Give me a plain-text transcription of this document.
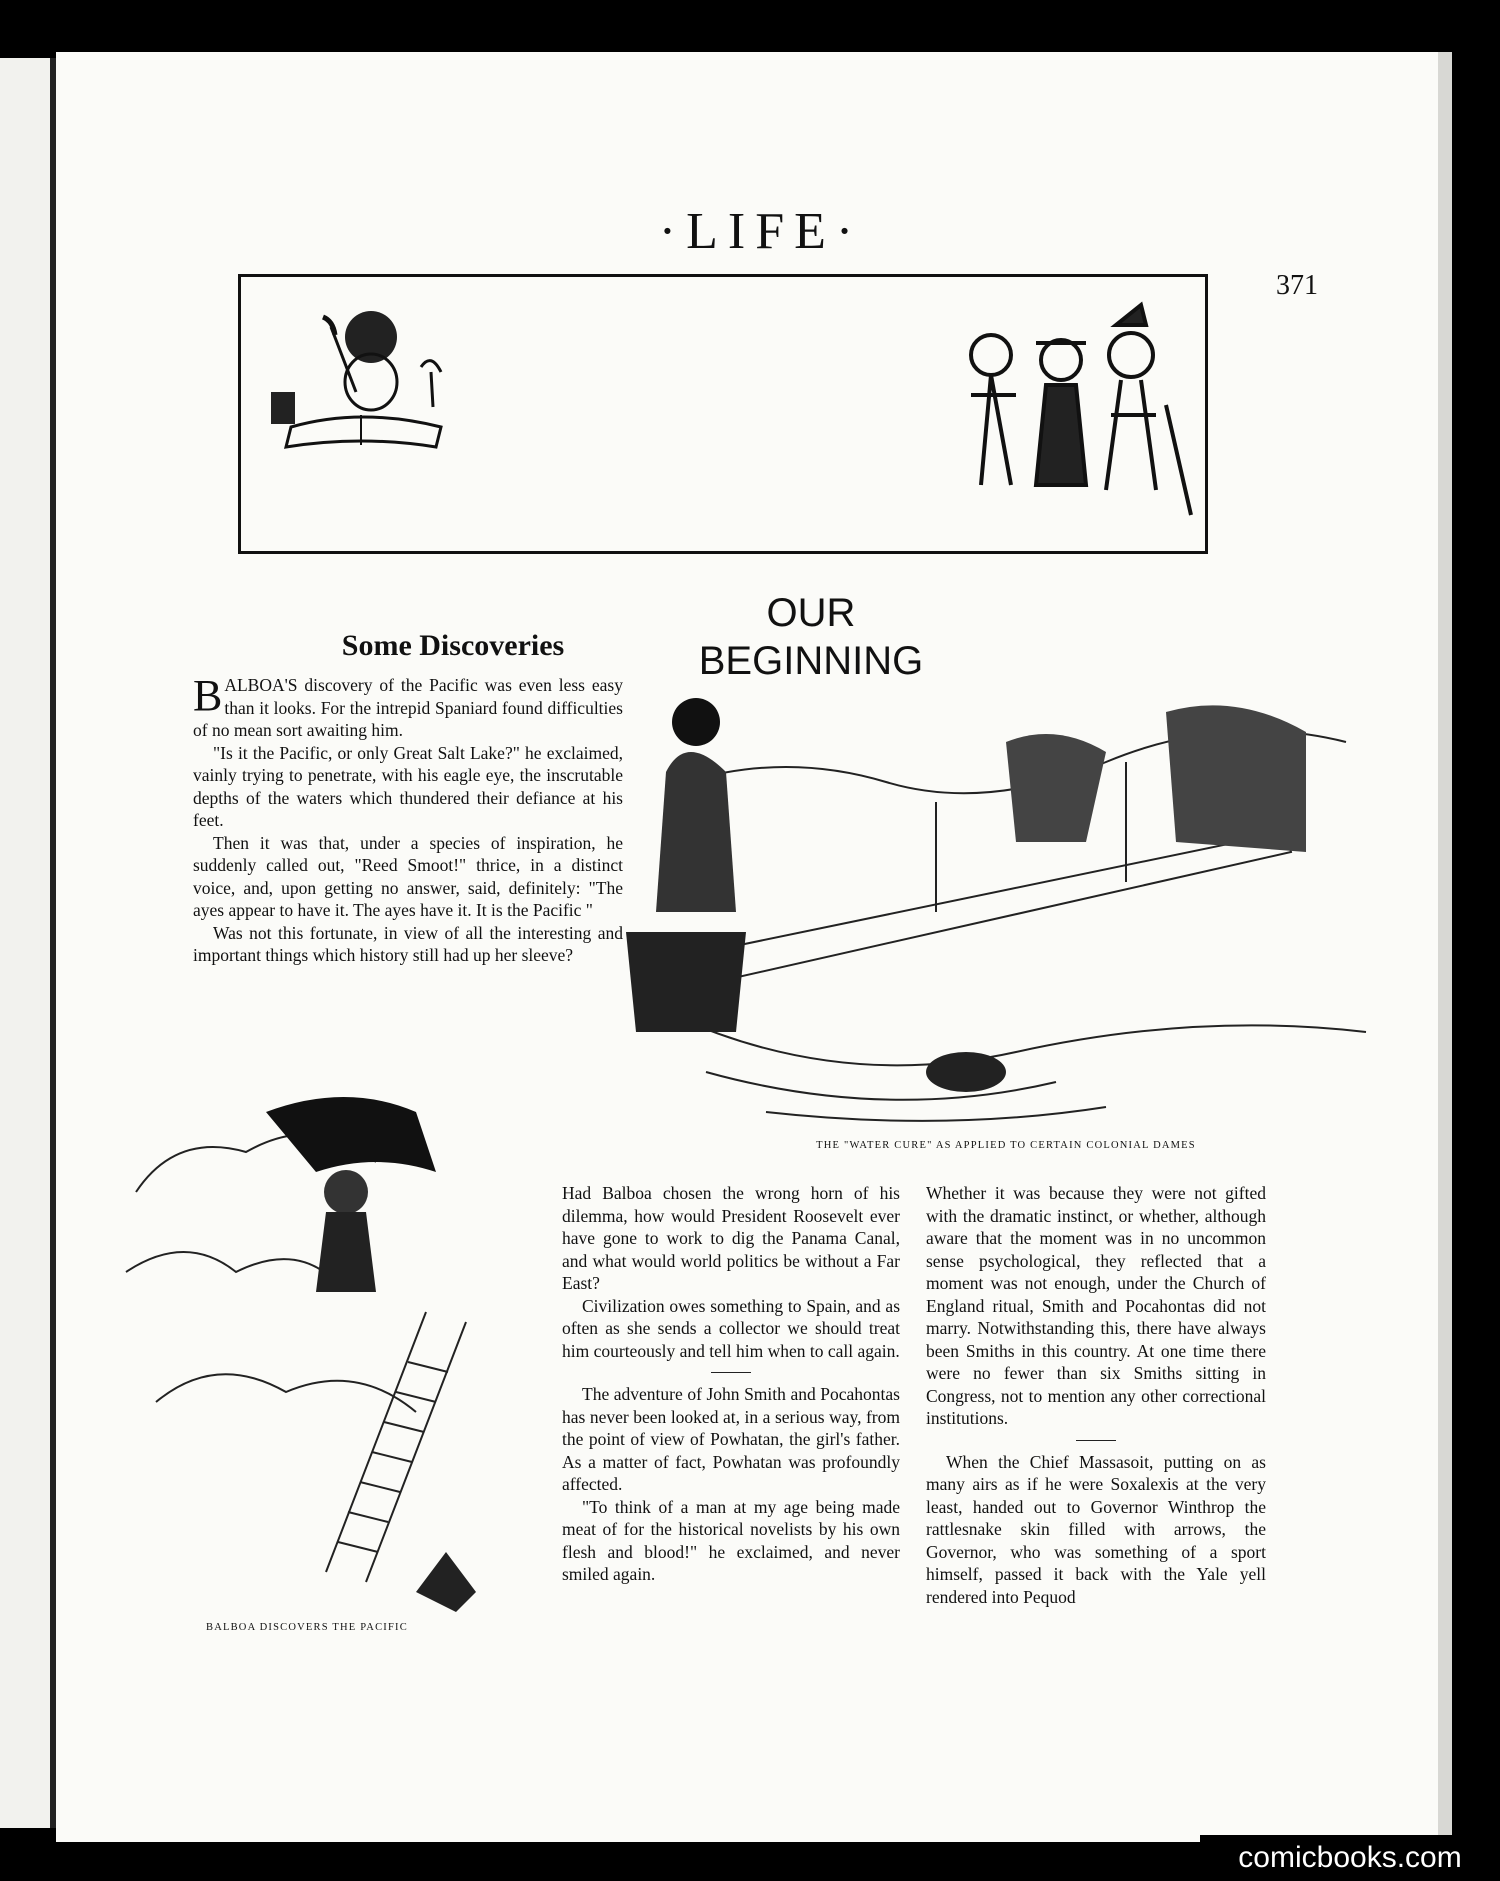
·LIFE·
371
OUR
BEGINNING
Some Discoveries

BALBOA'S discovery of the Pacific was even less easy than it looks. For the intrepid Spaniard found difficulties of no mean sort awaiting him.

"Is it the Pacific, or only Great Salt Lake?" he exclaimed, vainly trying to penetrate, with his eagle eye, the inscrutable depths of the waters which thundered their defiance at his feet.

Then it was that, under a species of inspiration, he suddenly called out, "Reed Smoot!" thrice, in a distinct voice, and, upon getting no answer, said, definitely: "The ayes appear to have it. The ayes have it. It is the Pacific "

Was not this fortunate, in view of all the interesting and important things which history still had up her sleeve?

THE "WATER CURE" AS APPLIED TO CERTAIN COLONIAL DAMES
BALBOA DISCOVERS THE PACIFIC

Had Balboa chosen the wrong horn of his dilemma, how would President Roosevelt ever have gone to work to dig the Panama Canal, and what would world politics be without a Far East?

Civilization owes something to Spain, and as often as she sends a collector we should treat him courteously and tell him when to call again.

The adventure of John Smith and Pocahontas has never been looked at, in a serious way, from the point of view of Powhatan, the girl's father. As a matter of fact, Powhatan was profoundly affected.

"To think of a man at my age being made meat of for the historical novelists by his own flesh and blood!" he exclaimed, and never smiled again.

Whether it was because they were not gifted with the dramatic instinct, or whether, although aware that the moment was in no uncommon sense psychological, they reflected that a moment was not enough, under the Church of England ritual, Smith and Pocahontas did not marry. Notwithstanding this, there have always been Smiths in this country. At one time there were no fewer than six Smiths sitting in Congress, not to mention any other correctional institutions.

When the Chief Massasoit, putting on as many airs as if he were Soxalexis at the very least, handed out to Governor Winthrop the rattlesnake skin filled with arrows, the Governor, who was something of a sport himself, passed it back with the Yale yell rendered into Pequod

comicbooks.com
